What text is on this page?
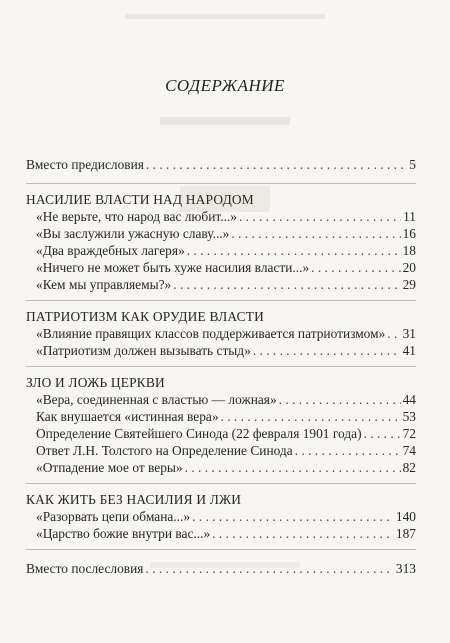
СОДЕРЖАНИЕ
Вместо предисловия . . .	5
НАСИЛИЕ ВЛАСТИ НАД НАРОДОМ
«Не верьте, что народ вас любит...» . . .	11
«Вы заслужили ужасную славу...» . . .	16
«Два враждебных лагеря» . . .	18
«Ничего не может быть хуже насилия власти...» . . .	20
«Кем мы управляемы?» . . .	29
ПАТРИОТИЗМ КАК ОРУДИЕ ВЛАСТИ
«Влияние правящих классов поддерживается патриотизмом» . . . 31
«Патриотизм должен вызывать стыд» . . .	41
ЗЛО И ЛОЖЬ ЦЕРКВИ
«Вера, соединенная с властью — ложная» . . .	44
Как внушается «истинная вера» . . .	53
Определение Святейшего Синода (22 февраля 1901 года) . . .	72
Ответ Л.Н. Толстого на Определение Синода . . .	74
«Отпадение мое от веры» . . .	82
КАК ЖИТЬ БЕЗ НАСИЛИЯ И ЛЖИ
«Разорвать цепи обмана...» . . .	140
«Царство божие внутри вас...» . . .	187
Вместо послесловия . . .	313
